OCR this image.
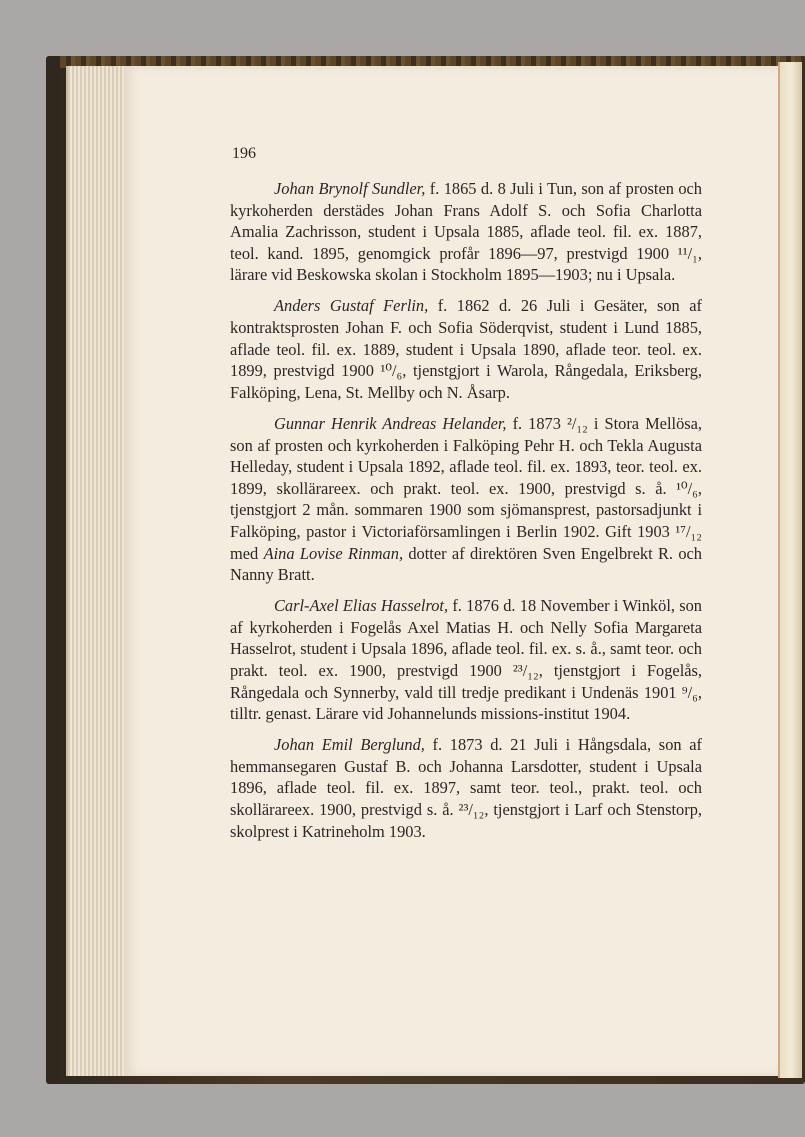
196

Johan Brynolf Sundler, f. 1865 d. 8 Juli i Tun, son af prosten och kyrkoherden derstädes Johan Frans Adolf S. och Sofia Charlotta Amalia Zachrisson, student i Upsala 1885, aflade teol. fil. ex. 1887, teol. kand. 1895, genomgick profår 1896—97, prestvigd 1900 ¹¹/₁, lärare vid Beskowska skolan i Stockholm 1895—1903; nu i Upsala.

Anders Gustaf Ferlin, f. 1862 d. 26 Juli i Gesäter, son af kontraktsprosten Johan F. och Sofia Söderqvist, student i Lund 1885, aflade teol. fil. ex. 1889, student i Upsala 1890, aflade teor. teol. ex. 1899, prestvigd 1900 ¹⁰/₆, tjenstgjort i Warola, Rångedala, Eriksberg, Falköping, Lena, St. Mellby och N. Åsarp.

Gunnar Henrik Andreas Helander, f. 1873 ²/₁₂ i Stora Mellösa, son af prosten och kyrkoherden i Falköping Pehr H. och Tekla Augusta Helleday, student i Upsala 1892, aflade teol. fil. ex. 1893, teor. teol. ex. 1899, skollärareex. och prakt. teol. ex. 1900, prestvigd s. å. ¹⁰/₆, tjenstgjort 2 mån. sommaren 1900 som sjömansprest, pastorsadjunkt i Falköping, pastor i Victoriaförsamlingen i Berlin 1902. Gift 1903 ¹⁷/₁₂ med Aina Lovise Rinman, dotter af direktören Sven Engelbrekt R. och Nanny Bratt.

Carl-Axel Elias Hasselrot, f. 1876 d. 18 November i Winköl, son af kyrkoherden i Fogelås Axel Matias H. och Nelly Sofia Margareta Hasselrot, student i Upsala 1896, aflade teol. fil. ex. s. å., samt teor. och prakt. teol. ex. 1900, prestvigd 1900 ²³/₁₂, tjenstgjort i Fogelås, Rångedala och Synnerby, vald till tredje predikant i Undenäs 1901 ⁹/₆, tilltr. genast. Lärare vid Johannelunds missions-institut 1904.

Johan Emil Berglund, f. 1873 d. 21 Juli i Hångsdala, son af hemmansegaren Gustaf B. och Johanna Larsdotter, student i Upsala 1896, aflade teol. fil. ex. 1897, samt teor. teol., prakt. teol. och skollärareex. 1900, prestvigd s. å. ²³/₁₂, tjenstgjort i Larf och Stenstorp, skolprest i Katrineholm 1903.
